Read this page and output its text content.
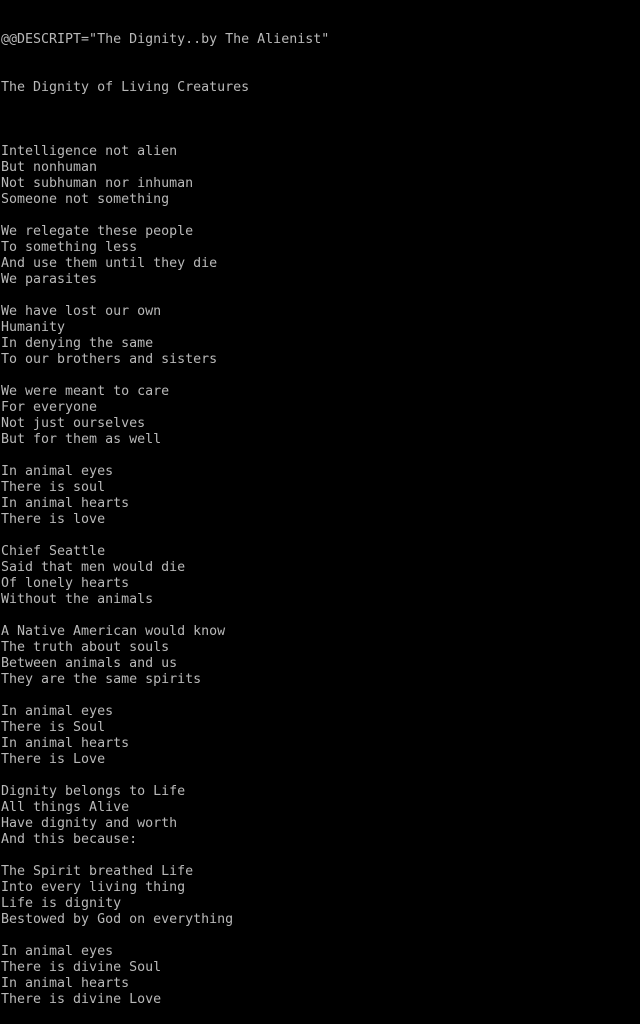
@@DESCRIPT="The Dignity..by The Alienist"

The Dignity of Living Creatures

Intelligence not alien
But nonhuman
Not subhuman nor inhuman
Someone not something
We relegate these people
To something less
And use them until they die
We parasites
We have lost our own
Humanity
In denying the same
To our brothers and sisters
We were meant to care
For everyone
Not just ourselves
But for them as well
In animal eyes
There is soul
In animal hearts
There is love
Chief Seattle
Said that men would die
Of lonely hearts
Without the animals
A Native American would know
The truth about souls
Between animals and us
They are the same spirits
In animal eyes
There is Soul
In animal hearts
There is Love
Dignity belongs to Life
All things Alive
Have dignity and worth
And this because:
The Spirit breathed Life
Into every living thing
Life is dignity
Bestowed by God on everything
In animal eyes
There is divine Soul
In animal hearts
There is divine Love
